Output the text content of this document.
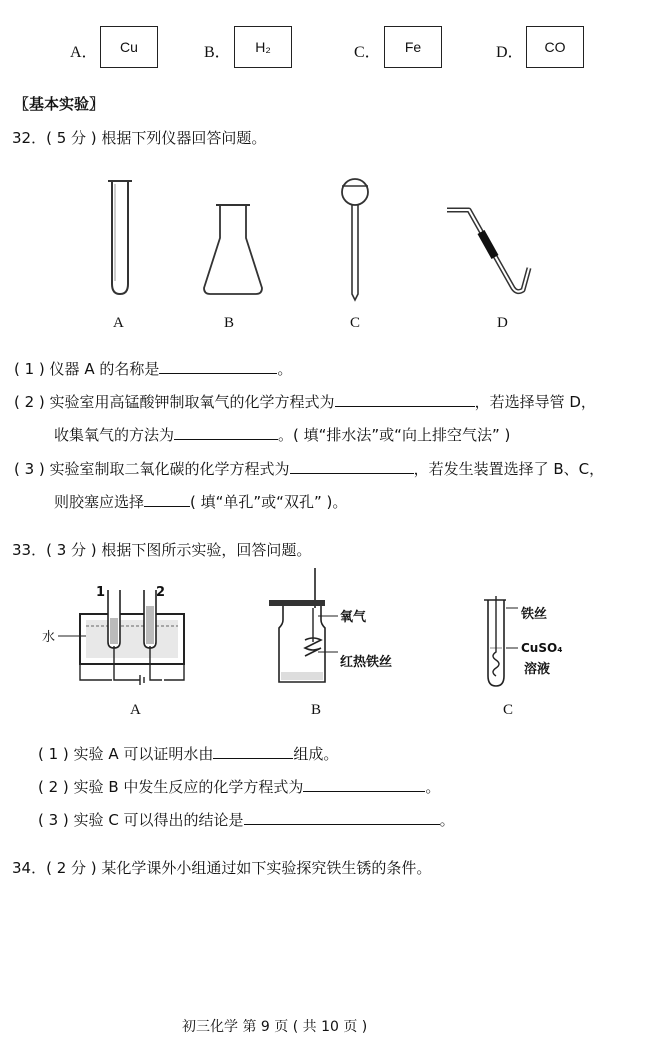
A． Cu	B． H₂	C． Fe	D． CO
〖基本实验〗
32．( 5 分 ) 根据下列仪器回答问题。
A	B	C	D
( 1 ) 仪器 A 的名称是	。
( 2 ) 实验室用高锰酸钾制取氧气的化学方程式为	，若选择导管 D，
收集氧气的方法为	。( 填“排水法”或“向上排空气法” )
( 3 ) 实验室制取二氧化碳的化学方程式为	，若发生装置选择了 B、C，
则胶塞应选择	( 填“单孔”或“双孔” )。
33．( 3 分 ) 根据下图所示实验，回答问题。
1	2
水
氧气
红热铁丝
铁丝
CuSO₄
溶液
A	B	C
( 1 ) 实验 A 可以证明水由	组成。
( 2 ) 实验 B 中发生反应的化学方程式为	。
( 3 ) 实验 C 可以得出的结论是	。
34．( 2 分 ) 某化学课外小组通过如下实验探究铁生锈的条件。
初三化学 第 9 页 ( 共 10 页 )
